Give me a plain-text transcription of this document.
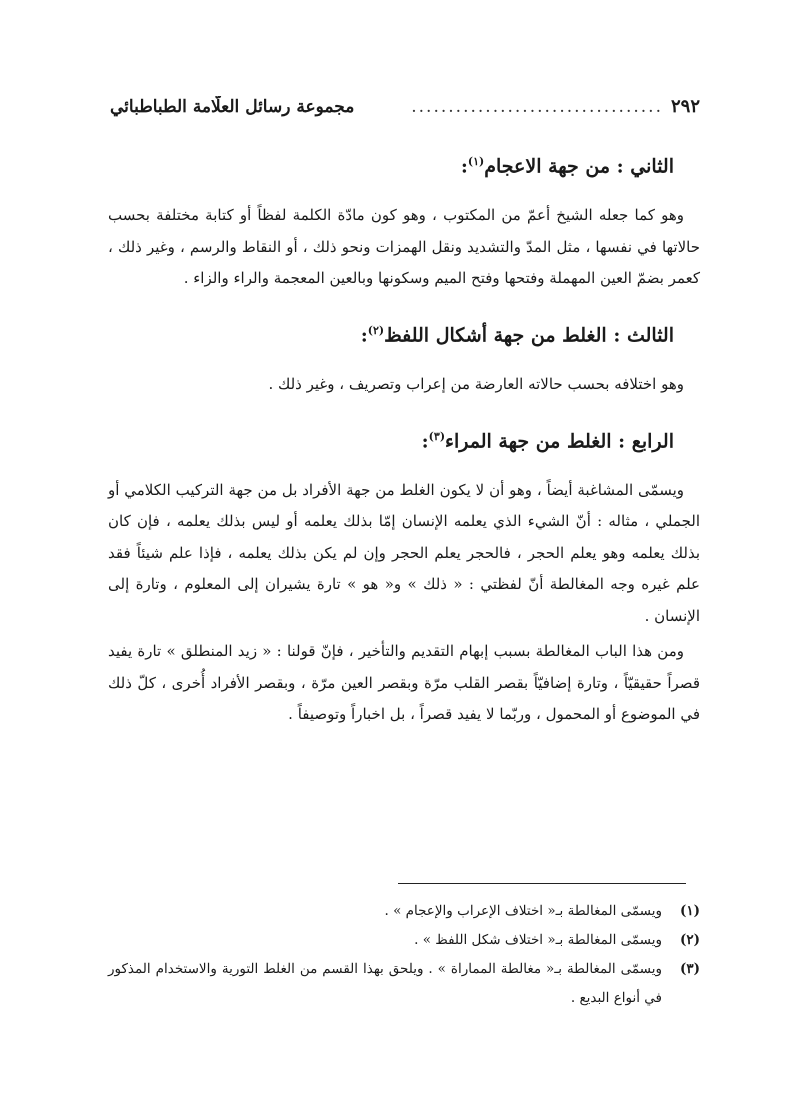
٢٩٢
..................................
مجموعة رسائل العلّامة الطباطبائي
الثاني : من جهة الاعجام$^{(١)}$:

وهو كما جعله الشيخ أعمّ من المكتوب ، وهو كون مادّة الكلمة لفظاً أو كتابة مختلفة بحسب حالاتها في نفسها ، مثل المدّ والتشديد ونقل الهمزات ونحو ذلك ، أو النقاط والرسم ، وغير ذلك ، كعمر بضمّ العين المهملة وفتحها وفتح الميم وسكونها وبالعين المعجمة والراء والزاء .

الثالث : الغلط من جهة أشكال اللفظ$^{(٢)}$:

وهو اختلافه بحسب حالاته العارضة من إعراب وتصريف ، وغير ذلك .

الرابع : الغلط من جهة المراء$^{(٣)}$:

ويسمّى المشاغبة أيضاً ، وهو أن لا يكون الغلط من جهة الأفراد بل من جهة التركيب الكلامي أو الجملي ، مثاله : أنّ الشيء الذي يعلمه الإنسان إمّا بذلك يعلمه أو ليس بذلك يعلمه ، فإن كان بذلك يعلمه وهو يعلم الحجر ، فالحجر يعلم الحجر وإن لم يكن بذلك يعلمه ، فإذا علم شيئاً فقد علم غيره وجه المغالطة أنّ لفظتي : « ذلك » و« هو » تارة يشيران إلى المعلوم ، وتارة إلى الإنسان .

ومن هذا الباب المغالطة بسبب إبهام التقديم والتأخير ، فإنّ قولنا : « زيد المنطلق » تارة يفيد قصراً حقيقيّاً ، وتارة إضافيّاً بقصر القلب مرّة وبقصر العين مرّة ، وبقصر الأفراد أُخرى ، كلّ ذلك في الموضوع أو المحمول ، وربّما لا يفيد قصراً ، بل اخباراً وتوصيفاً .

(١)
ويسمّى المغالطة بـ« اختلاف الإعراب والإعجام » .
(٢)
ويسمّى المغالطة بـ« اختلاف شكل اللفظ » .
(٣)
ويسمّى المغالطة بـ« مغالطة المماراة » . ويلحق بهذا القسم من الغلط التورية والاستخدام المذكور في أنواع البديع .
